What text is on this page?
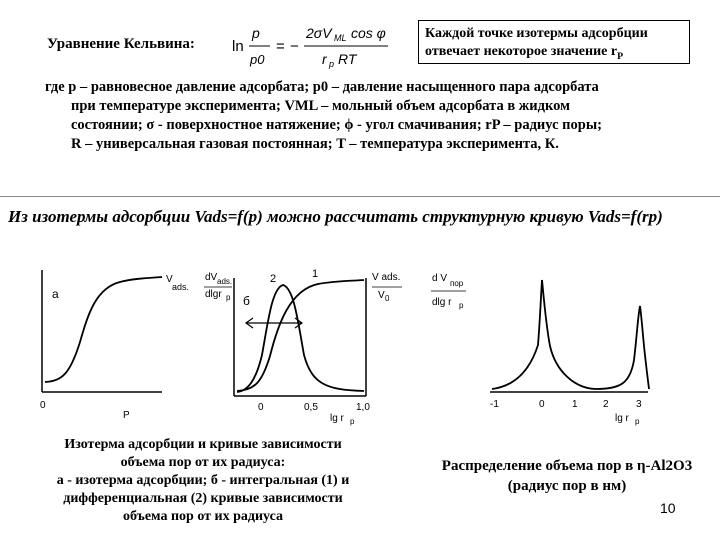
Уравнение Кельвина: ln
p
p0
= −
2σV ML cos φ
r p RT
Каждой точке изотермы адсорбции
отвечает некоторое значение $r_P$
где p – равновесное давление адсорбата; p0 – давление насыщенного пара адсорбата
при температуре эксперимента; VML – мольный объем адсорбата в жидком
состоянии; σ - поверхностное натяжение; ϕ - угол смачивания; rP – радиус поры;
R – универсальная газовая постоянная; T – температура эксперимента, К.
Из изотермы адсорбции Vads=f(p) можно рассчитать структурную кривую Vads=f(rp)
a
V
ads.
0
P
dV ads.
dlgr p б
2	1	V ads.
V 0
0	0,5	1,0
lg r p
d V пор
dlg r p
-1	0	1	2	3
lg r p
Изотерма адсорбции и кривые зависимости
объема пор от их радиуса:
а - изотерма адсорбции; б - интегральная (1) и
дифференциальная (2) кривые зависимости
объема пор от их радиуса
Распределение объема пор в η-Al2O3
(радиус пор в нм)
10
